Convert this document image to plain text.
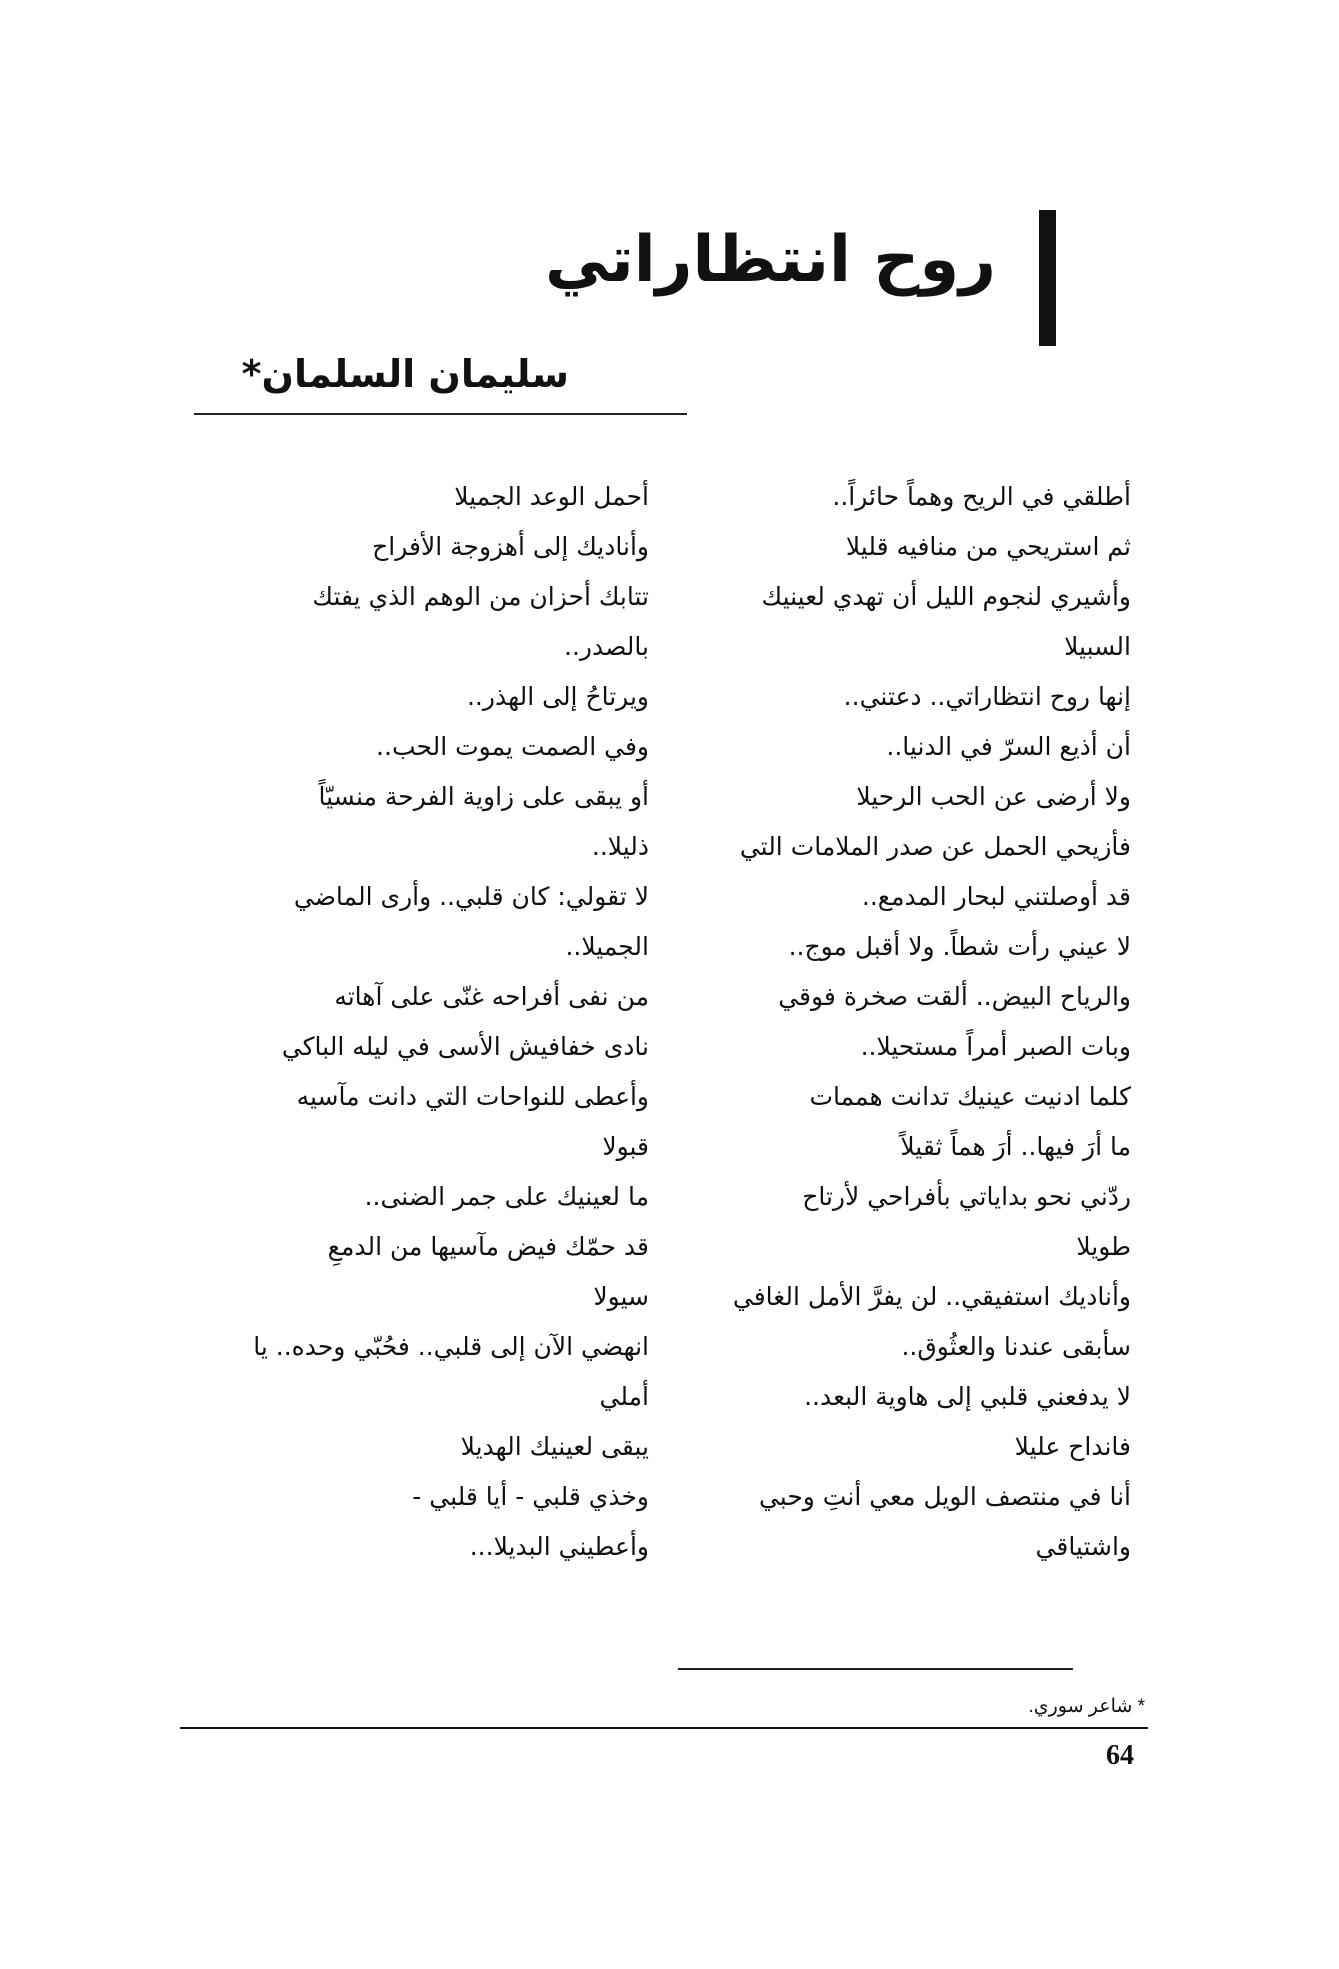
روح انتظاراتي
سليمان السلمان*
أطلقي في الريح وهماً حائراً..
ثم استريحي من منافيه قليلا
وأشيري لنجوم الليل أن تهدي لعينيك
السبيلا
إنها روح انتظاراتي.. دعتني..
أن أذيع السرّ في الدنيا..
ولا أرضى عن الحب الرحيلا
فأزيحي الحمل عن صدر الملامات التي
قد أوصلتني لبحار المدمع..
لا عيني رأت شطاً. ولا أقبل موج..
والرياح البيض.. ألقت صخرة فوقي
وبات الصبر أمراً مستحيلا..
كلما ادنيت عينيك تدانت هممات
ما أرَ فيها.. أرَ هماً ثقيلاً
ردّني نحو بداياتي بأفراحي لأرتاح
طويلا
وأناديك استفيقي.. لن يفرَّ الأمل الغافي
سأبقى عندنا والعثُوق..
لا يدفعني قلبي إلى هاوية البعد..
فانداح عليلا
أنا في منتصف الويل معي أنتِ وحبي
واشتياقي
أحمل الوعد الجميلا
وأناديك إلى أهزوجة الأفراح
تتابك أحزان من الوهم الذي يفتك
بالصدر..
ويرتاحُ إلى الهذر..
وفي الصمت يموت الحب..
أو يبقى على زاوية الفرحة منسيّاً
ذليلا..
لا تقولي: كان قلبي.. وأرى الماضي
الجميلا..
من نفى أفراحه غنّى على آهاته
نادى خفافيش الأسى في ليله الباكي
وأعطى للنواحات التي دانت مآسيه
قبولا
ما لعينيك على جمر الضنى..
قد حمّك فيض مآسيها من الدمعِ
سيولا
انهضي الآن إلى قلبي.. فحُبّي وحده.. يا
أملي
يبقى لعينيك الهديلا
وخذي قلبي - أيا قلبي -
وأعطيني البديلا...
* شاعر سوري.
64
